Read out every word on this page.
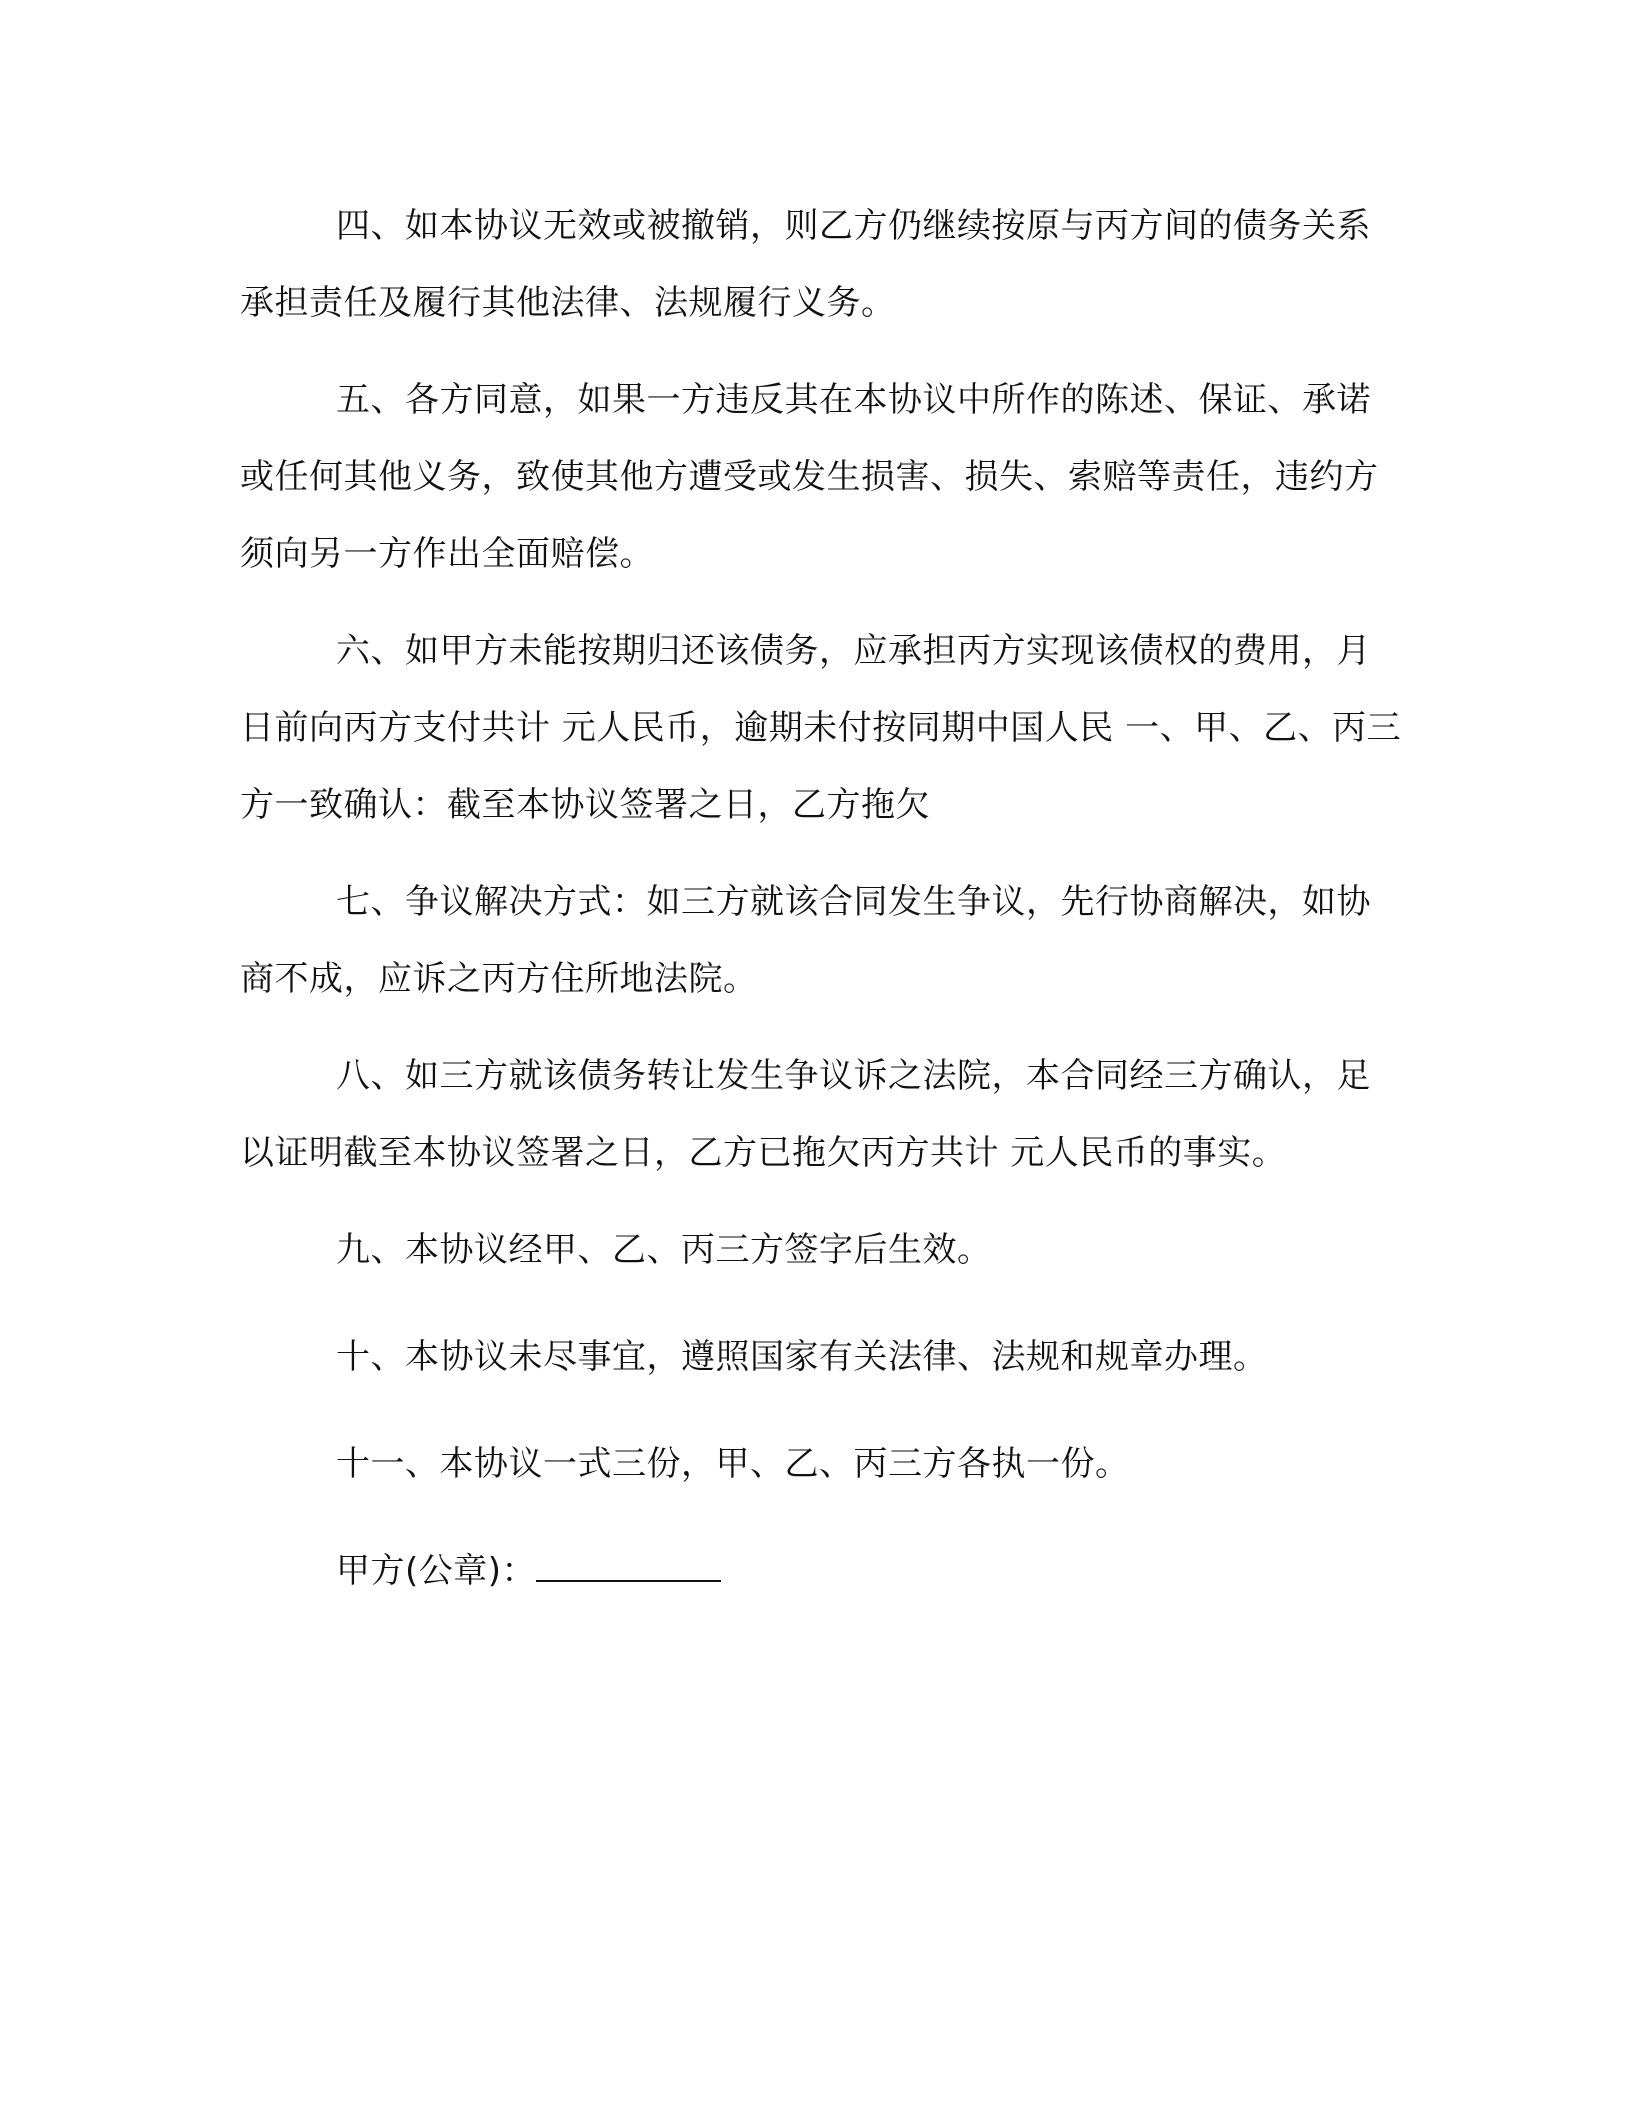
四、如本协议无效或被撤销，则乙方仍继续按原与丙方间的债务关系承担责任及履行其他法律、法规履行义务。

五、各方同意，如果一方违反其在本协议中所作的陈述、保证、承诺或任何其他义务，致使其他方遭受或发生损害、损失、索赔等责任，违约方须向另一方作出全面赔偿。

六、如甲方未能按期归还该债务，应承担丙方实现该债权的费用，月 日前向丙方支付共计 元人民币，逾期未付按同期中国人民 一、甲、乙、丙三方一致确认：截至本协议签署之日，乙方拖欠

七、争议解决方式：如三方就该合同发生争议，先行协商解决，如协商不成，应诉之丙方住所地法院。

八、如三方就该债务转让发生争议诉之法院，本合同经三方确认，足以证明截至本协议签署之日，乙方已拖欠丙方共计 元人民币的事实。

九、本协议经甲、乙、丙三方签字后生效。

十、本协议未尽事宜，遵照国家有关法律、法规和规章办理。

十一、本协议一式三份，甲、乙、丙三方各执一份。

甲方(公章)：
